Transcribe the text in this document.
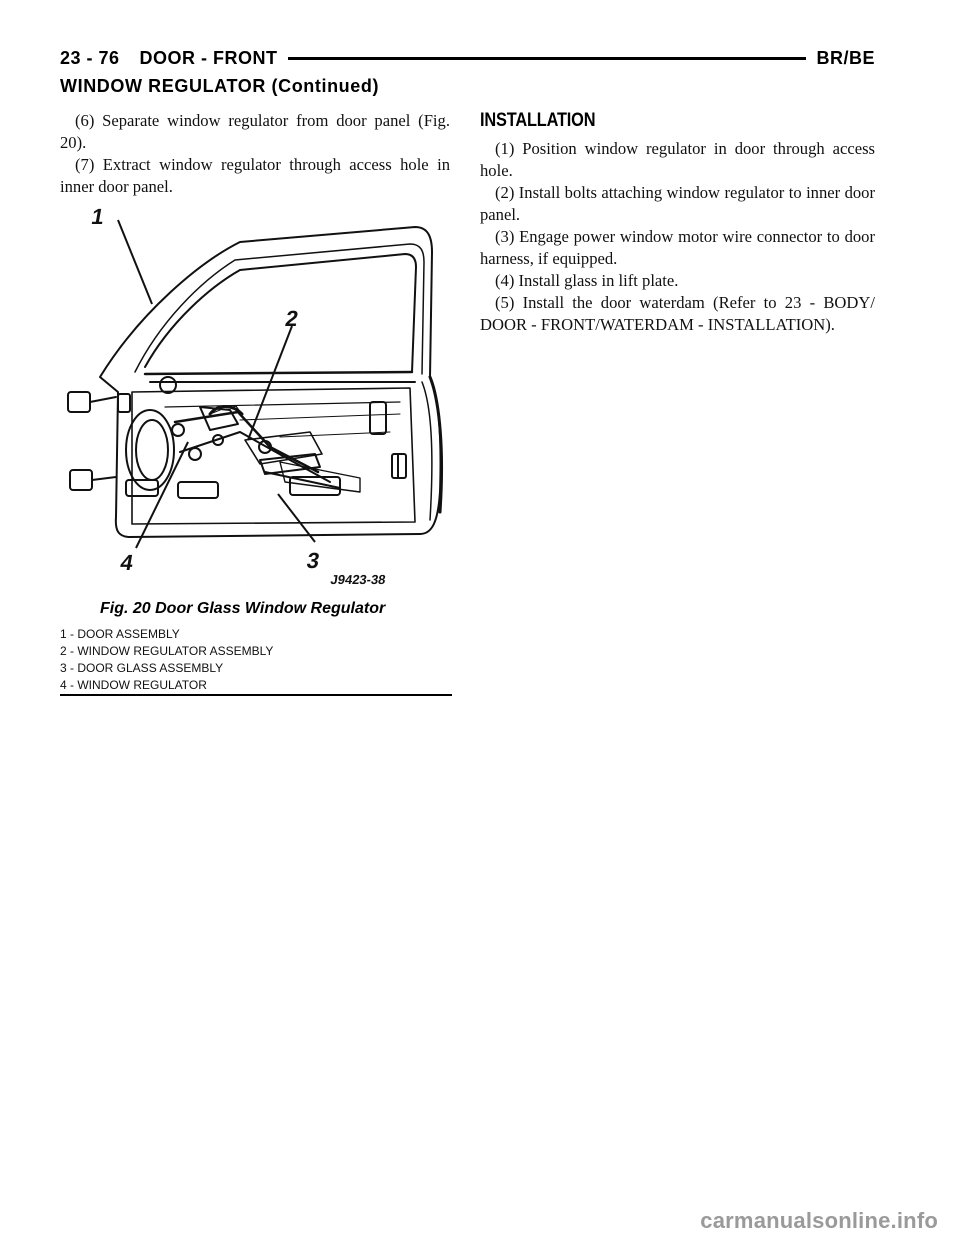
23 - 76 DOOR - FRONT	BR/BE
WINDOW REGULATOR (Continued)

(6) Separate window regulator from door panel (Fig. 20).

(7) Extract window regulator through access hole in inner door panel.

1
2
3
4
J9423-38
Fig. 20 Door Glass Window Regulator
1 - DOOR ASSEMBLY
2 - WINDOW REGULATOR ASSEMBLY
3 - DOOR GLASS ASSEMBLY
4 - WINDOW REGULATOR
INSTALLATION

(1) Position window regulator in door through access hole.

(2) Install bolts attaching window regulator to inner door panel.

(3) Engage power window motor wire connector to door harness, if equipped.

(4) Install glass in lift plate.

(5) Install the door waterdam (Refer to 23 - BODY/ DOOR - FRONT/WATERDAM - INSTALLATION).

carmanualsonline.info
